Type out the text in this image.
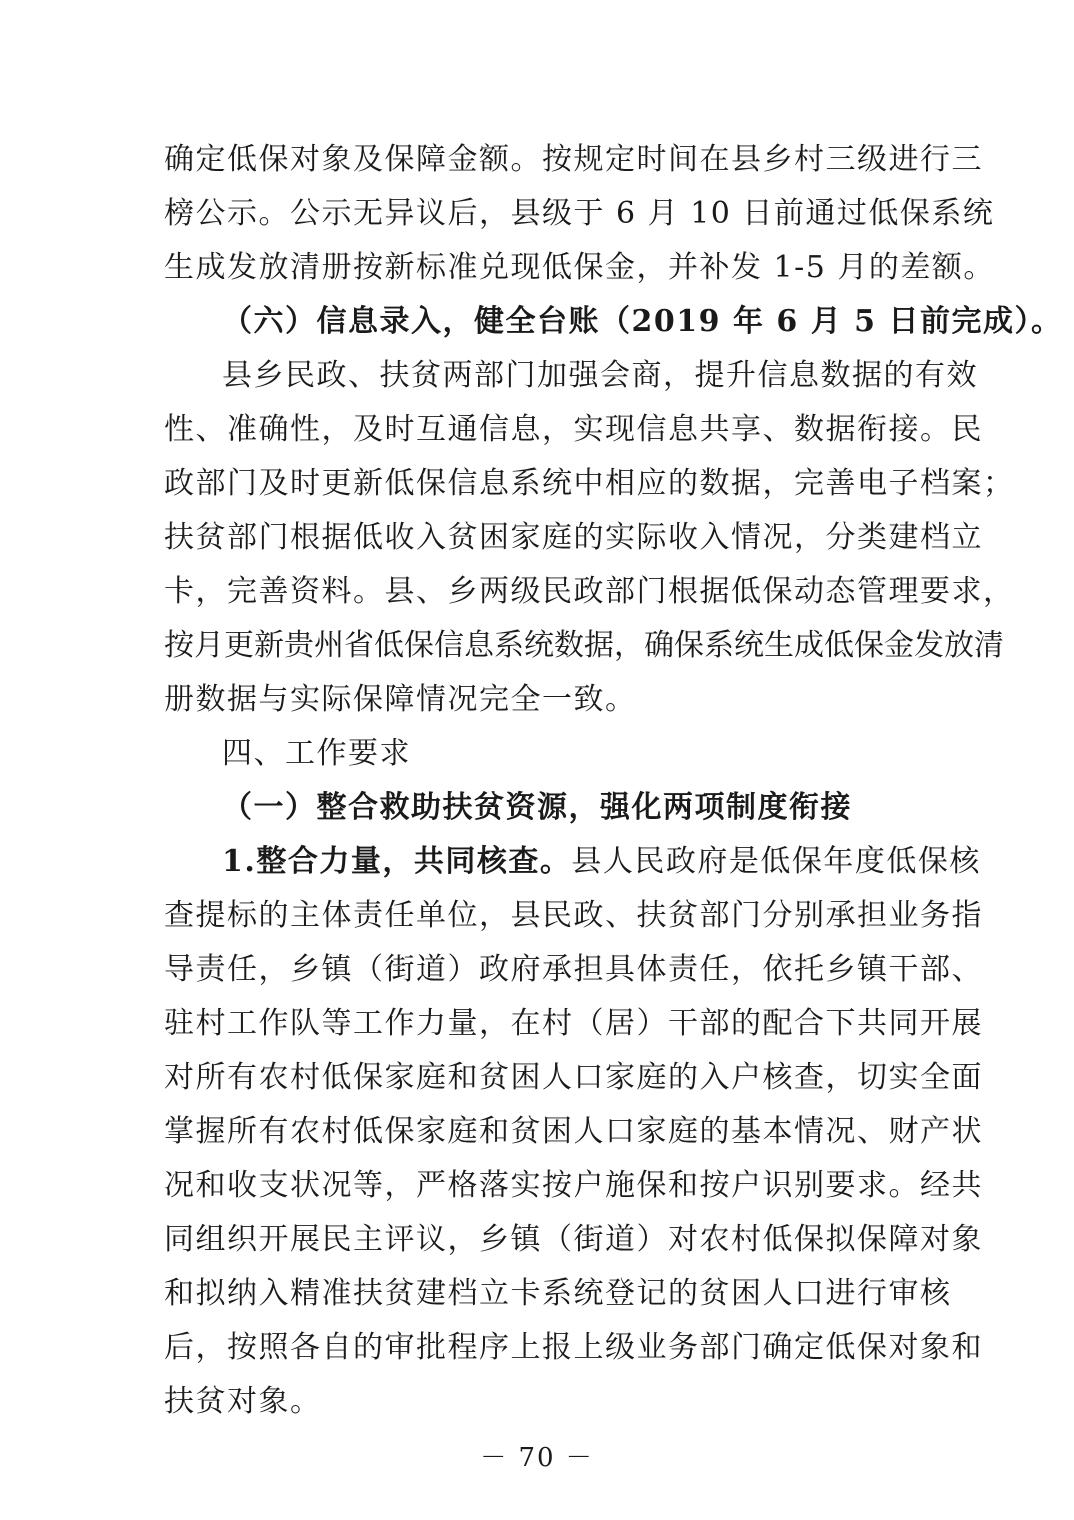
确定低保对象及保障金额。按规定时间在县乡村三级进行三
榜公示。公示无异议后，县级于 6 月 10 日前通过低保系统
生成发放清册按新标准兑现低保金，并补发 1-5 月的差额。
（六）信息录入，健全台账（2019 年 6 月 5 日前完成）。
县乡民政、扶贫两部门加强会商，提升信息数据的有效
性、准确性，及时互通信息，实现信息共享、数据衔接。民
政部门及时更新低保信息系统中相应的数据，完善电子档案；
扶贫部门根据低收入贫困家庭的实际收入情况，分类建档立
卡，完善资料。县、乡两级民政部门根据低保动态管理要求，
按月更新贵州省低保信息系统数据，确保系统生成低保金发放清
册数据与实际保障情况完全一致。
四、工作要求
（一）整合救助扶贫资源，强化两项制度衔接
1.整合力量，共同核查。县人民政府是低保年度低保核
查提标的主体责任单位，县民政、扶贫部门分别承担业务指
导责任，乡镇（街道）政府承担具体责任，依托乡镇干部、
驻村工作队等工作力量，在村（居）干部的配合下共同开展
对所有农村低保家庭和贫困人口家庭的入户核查，切实全面
掌握所有农村低保家庭和贫困人口家庭的基本情况、财产状
况和收支状况等，严格落实按户施保和按户识别要求。经共
同组织开展民主评议，乡镇（街道）对农村低保拟保障对象
和拟纳入精准扶贫建档立卡系统登记的贫困人口进行审核
后，按照各自的审批程序上报上级业务部门确定低保对象和
扶贫对象。
－ 70 －
